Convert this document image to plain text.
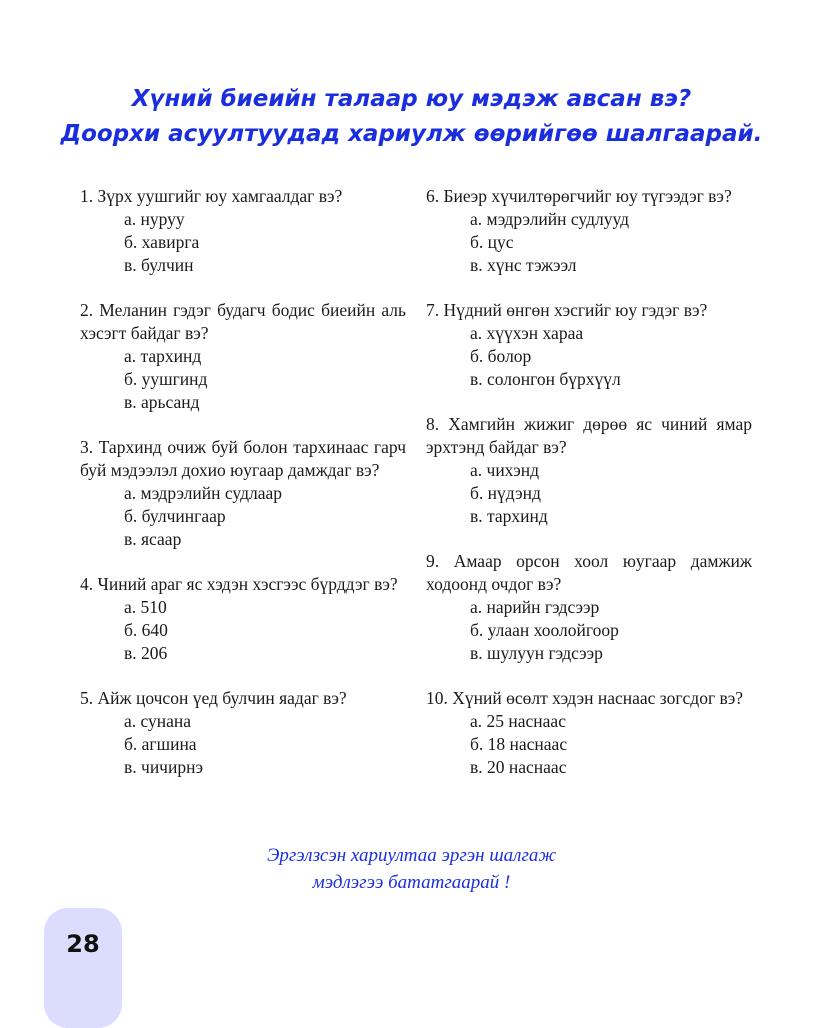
Хүний биеийн талаар юу мэдэж авсан вэ?
Доорхи асуултуудад хариулж өөрийгөө шалгаарай.

1. Зүрх уушгийг юу хамгаалдаг вэ?

а. нуруу

б. хавирга

в. булчин

2. Меланин гэдэг будагч бодис биеийн аль хэсэгт байдаг вэ?

а. тархинд

б. уушгинд

в. арьсанд

3. Тархинд очиж буй болон тархинаас гарч буй мэдээлэл дохио юугаар дамждаг вэ?

а. мэдрэлийн судлаар

б. булчингаар

в. ясаар

4. Чиний араг яс хэдэн хэсгээс бүрддэг вэ?

а. 510

б. 640

в. 206

5. Айж цочсон үед булчин яадаг вэ?

а. сунана

б. агшина

в. чичирнэ

6. Биеэр хүчилтөрөгчийг юу түгээдэг вэ?

а. мэдрэлийн судлууд

б. цус

в. хүнс тэжээл

7. Нүдний өнгөн хэсгийг юу гэдэг вэ?

а. хүүхэн хараа

б. болор

в. солонгон бүрхүүл

8. Хамгийн жижиг дөрөө яс чиний ямар эрхтэнд байдаг вэ?

а. чихэнд

б. нүдэнд

в. тархинд

9. Амаар орсон хоол юугаар дамжиж ходоонд очдог вэ?

а. нарийн гэдсээр

б. улаан хоолойгоор

в. шулуун гэдсээр

10. Хүний өсөлт хэдэн наснаас зогсдог вэ?

а. 25 наснаас

б. 18 наснаас

в. 20 наснаас

Эргэлзсэн хариултаа эргэн шалгаж
мэдлэгээ бататгаарай !
28
